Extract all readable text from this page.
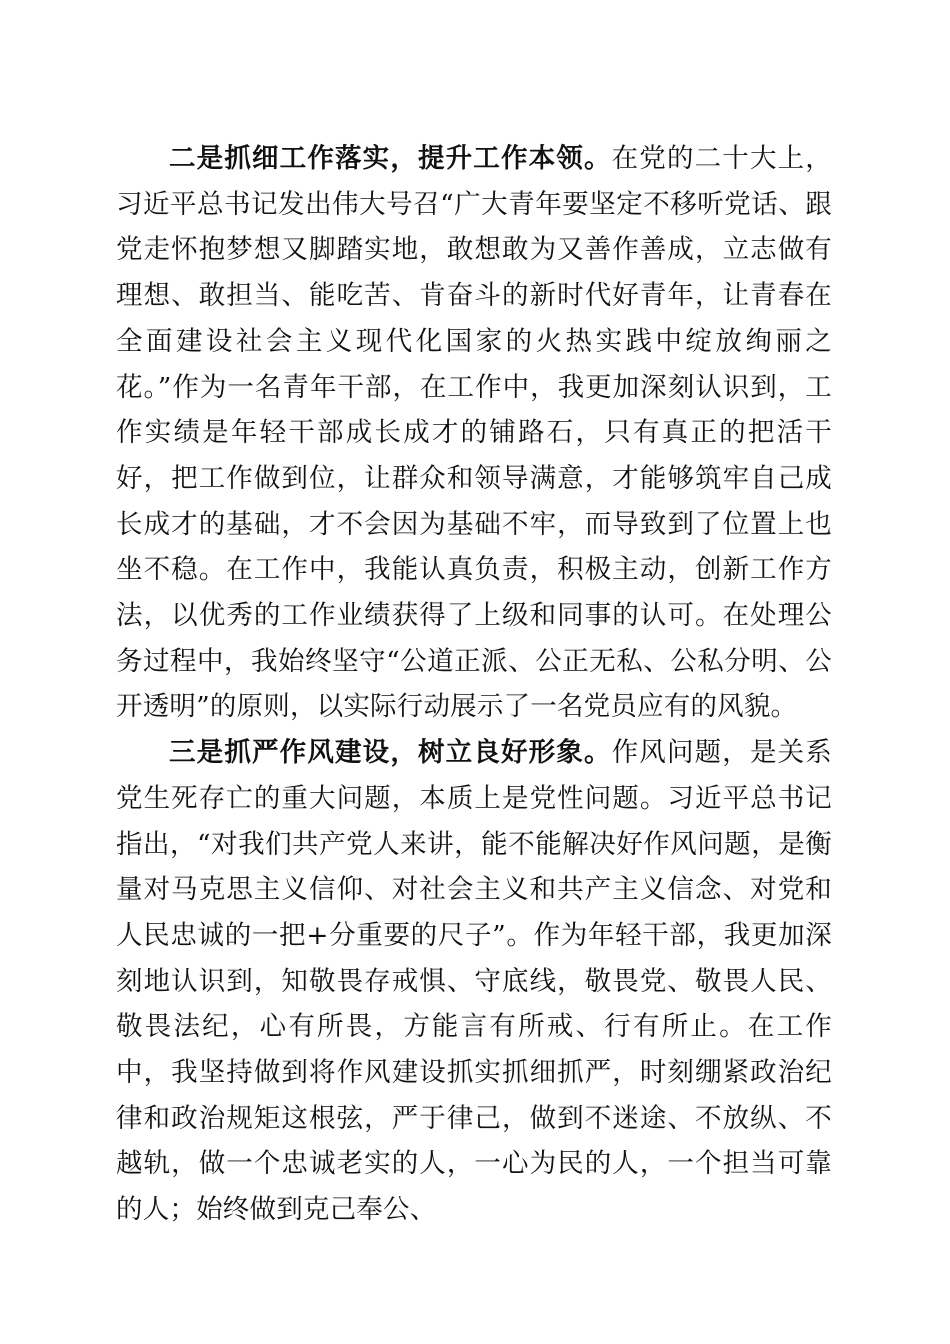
二是抓细工作落实，提升工作本领。在党的二十大上，习近平总书记发出伟大号召“广大青年要坚定不移听党话、跟党走怀抱梦想又脚踏实地，敢想敢为又善作善成，立志做有理想、敢担当、能吃苦、肯奋斗的新时代好青年，让青春在全面建设社会主义现代化国家的火热实践中绽放绚丽之花。”作为一名青年干部，在工作中，我更加深刻认识到，工作实绩是年轻干部成长成才的铺路石，只有真正的把活干好，把工作做到位，让群众和领导满意，才能够筑牢自己成长成才的基础，才不会因为基础不牢，而导致到了位置上也坐不稳。在工作中，我能认真负责，积极主动，创新工作方法，以优秀的工作业绩获得了上级和同事的认可。在处理公务过程中，我始终坚守“公道正派、公正无私、公私分明、公开透明”的原则，以实际行动展示了一名党员应有的风貌。

三是抓严作风建设，树立良好形象。作风问题，是关系党生死存亡的重大问题，本质上是党性问题。习近平总书记指出，“对我们共产党人来讲，能不能解决好作风问题，是衡量对马克思主义信仰、对社会主义和共产主义信念、对党和人民忠诚的一把+分重要的尺子”。作为年轻干部，我更加深刻地认识到，知敬畏存戒惧、守底线，敬畏党、敬畏人民、敬畏法纪，心有所畏，方能言有所戒、行有所止。在工作中，我坚持做到将作风建设抓实抓细抓严，时刻绷紧政治纪律和政治规矩这根弦，严于律己，做到不迷途、不放纵、不越轨，做一个忠诚老实的人，一心为民的人，一个担当可靠的人；始终做到克己奉公、
